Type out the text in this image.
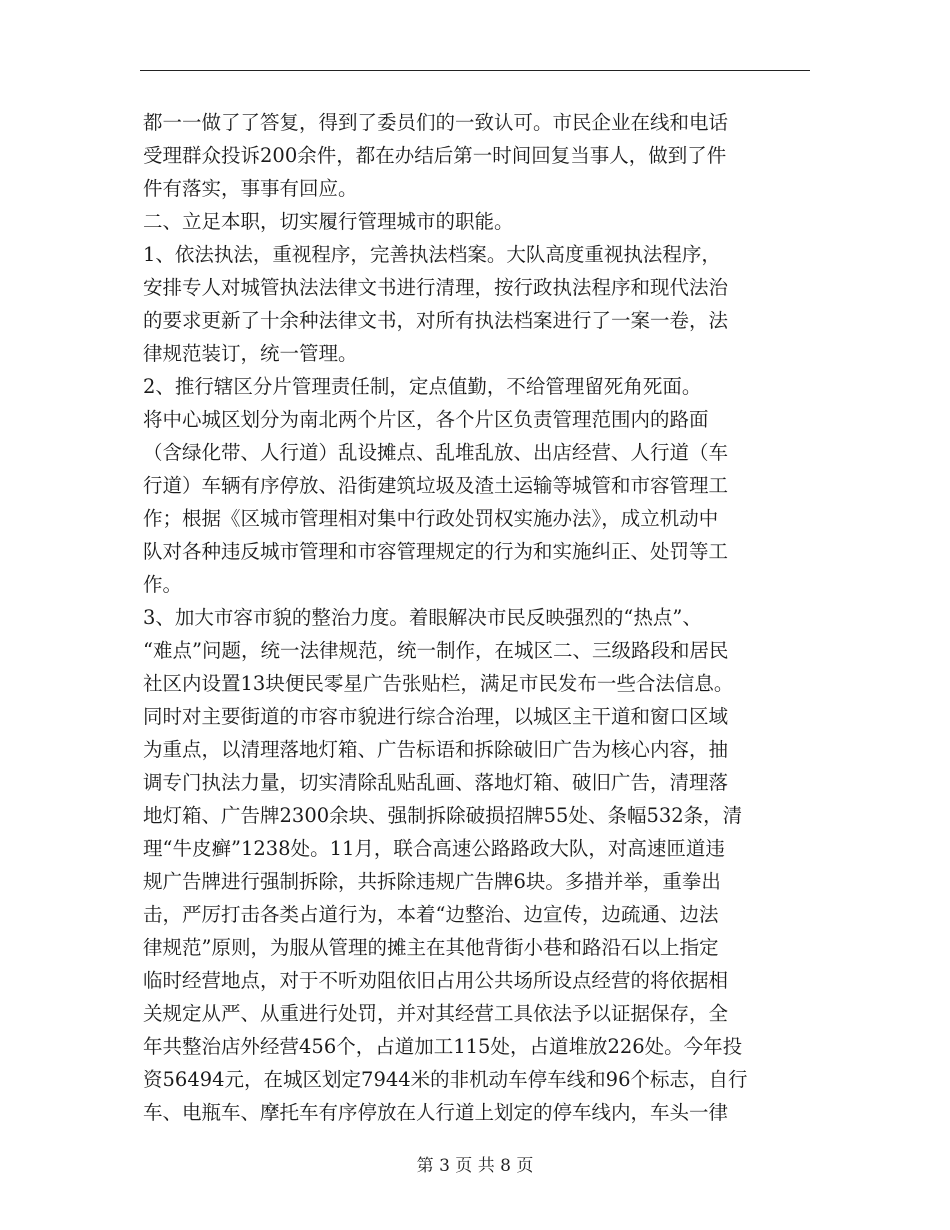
都一一做了了答复，得到了委员们的一致认可。市民企业在线和电话
受理群众投诉200余件，都在办结后第一时间回复当事人，做到了件
件有落实，事事有回应。
二、立足本职，切实履行管理城市的职能。
1、依法执法，重视程序，完善执法档案。大队高度重视执法程序，
安排专人对城管执法法律文书进行清理，按行政执法程序和现代法治
的要求更新了十余种法律文书，对所有执法档案进行了一案一卷，法
律规范装订，统一管理。
2、推行辖区分片管理责任制，定点值勤，不给管理留死角死面。
将中心城区划分为南北两个片区，各个片区负责管理范围内的路面
（含绿化带、人行道）乱设摊点、乱堆乱放、出店经营、人行道（车
行道）车辆有序停放、沿街建筑垃圾及渣土运输等城管和市容管理工
作；根据《区城市管理相对集中行政处罚权实施办法》，成立机动中
队对各种违反城市管理和市容管理规定的行为和实施纠正、处罚等工
作。
3、加大市容市貌的整治力度。着眼解决市民反映强烈的“热点”、
“难点”问题，统一法律规范，统一制作，在城区二、三级路段和居民
社区内设置13块便民零星广告张贴栏，满足市民发布一些合法信息。
同时对主要街道的市容市貌进行综合治理，以城区主干道和窗口区域
为重点，以清理落地灯箱、广告标语和拆除破旧广告为核心内容，抽
调专门执法力量，切实清除乱贴乱画、落地灯箱、破旧广告，清理落
地灯箱、广告牌2300余块、强制拆除破损招牌55处、条幅532条，清
理“牛皮癣”1238处。11月，联合高速公路路政大队，对高速匝道违
规广告牌进行强制拆除，共拆除违规广告牌6块。多措并举，重拳出
击，严厉打击各类占道行为，本着“边整治、边宣传，边疏通、边法
律规范”原则，为服从管理的摊主在其他背街小巷和路沿石以上指定
临时经营地点，对于不听劝阻依旧占用公共场所设点经营的将依据相
关规定从严、从重进行处罚，并对其经营工具依法予以证据保存，全
年共整治店外经营456个，占道加工115处，占道堆放226处。今年投
资56494元，在城区划定7944米的非机动车停车线和96个标志，自行
车、电瓶车、摩托车有序停放在人行道上划定的停车线内，车头一律
第 3 页 共 8 页
